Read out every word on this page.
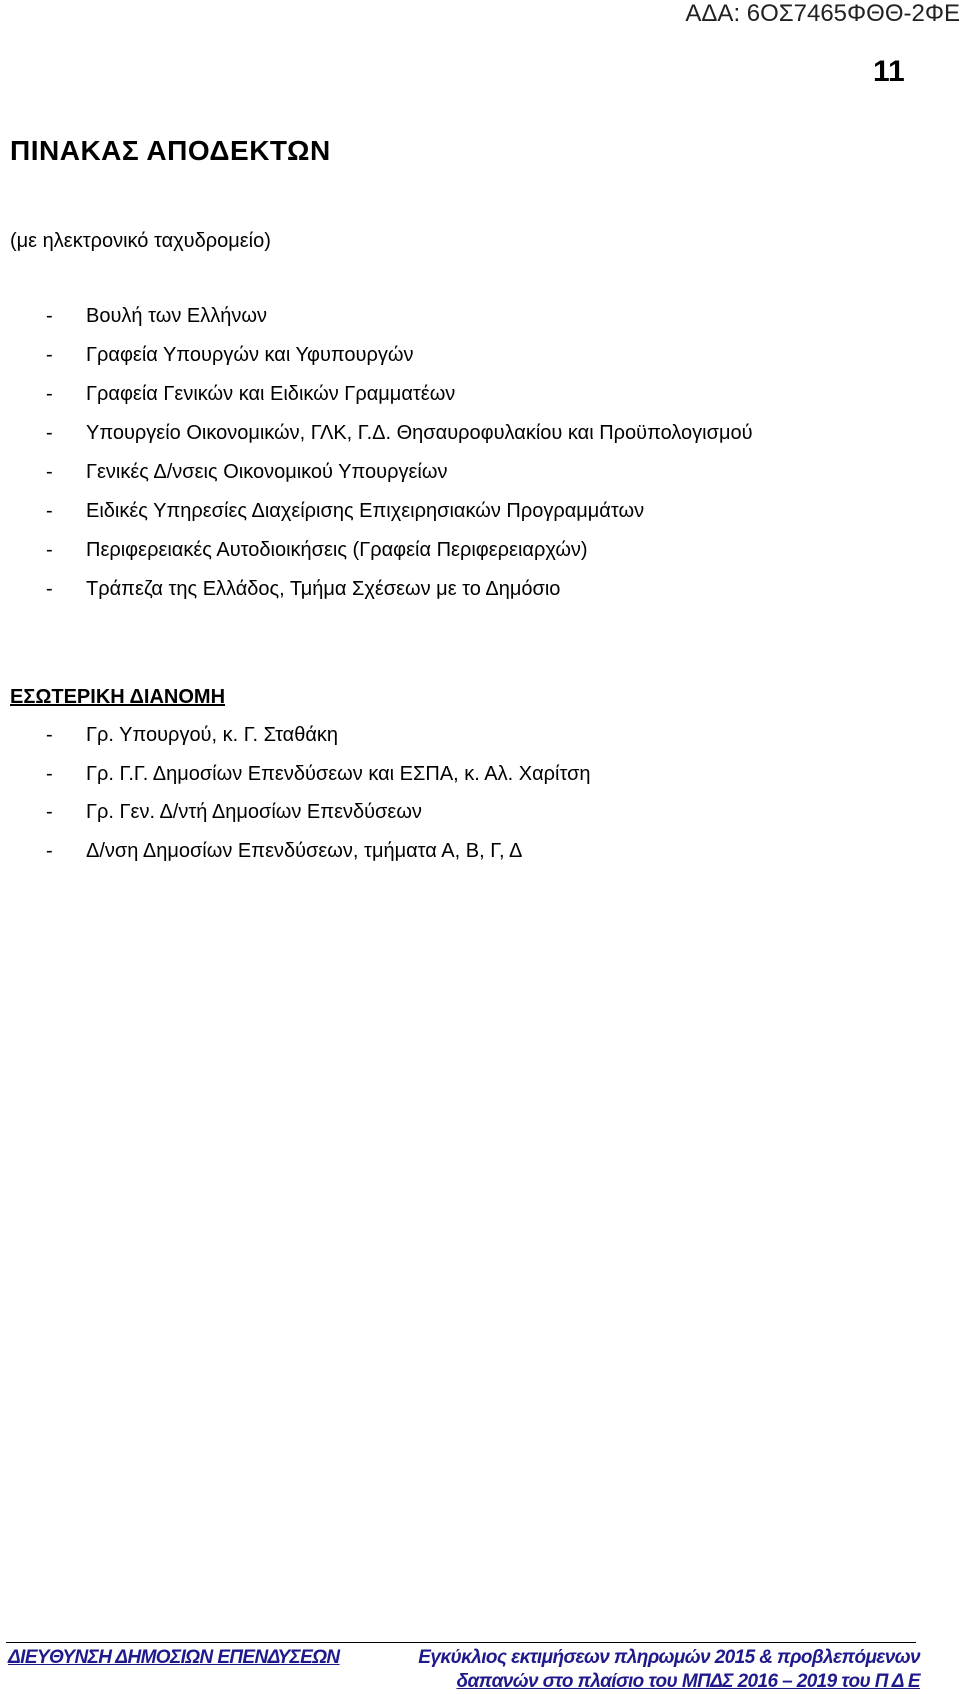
ΑΔΑ: 6ΟΣ7465ΦΘΘ-2ΦΕ
11
ΠΙΝΑΚΑΣ ΑΠΟΔΕΚΤΩΝ
(με ηλεκτρονικό ταχυδρομείο)
- Βουλή των Ελλήνων
- Γραφεία Υπουργών και Υφυπουργών
- Γραφεία Γενικών και Ειδικών Γραμματέων
- Υπουργείο Οικονομικών, ΓΛΚ, Γ.Δ. Θησαυροφυλακίου και Προϋπολογισμού
- Γενικές Δ/νσεις Οικονομικού Υπουργείων
- Ειδικές Υπηρεσίες Διαχείρισης Επιχειρησιακών Προγραμμάτων
- Περιφερειακές Αυτοδιοικήσεις (Γραφεία Περιφερειαρχών)
- Τράπεζα της Ελλάδος, Τμήμα Σχέσεων με το Δημόσιο
ΕΣΩΤΕΡΙΚΗ ΔΙΑΝΟΜΗ
- Γρ. Υπουργού, κ. Γ. Σταθάκη
- Γρ. Γ.Γ. Δημοσίων Επενδύσεων και ΕΣΠΑ, κ. Αλ. Χαρίτση
- Γρ. Γεν. Δ/ντή Δημοσίων Επενδύσεων
- Δ/νση Δημοσίων Επενδύσεων, τμήματα Α, Β, Γ, Δ
ΔΙΕΥΘΥΝΣΗ ΔΗΜΟΣΙΩΝ ΕΠΕΝΔΥΣΕΩΝ	Εγκύκλιος εκτιμήσεων πληρωμών 2015 & προβλεπόμενων
δαπανών στο πλαίσιο του ΜΠΔΣ 2016 – 2019 του Π Δ Ε
